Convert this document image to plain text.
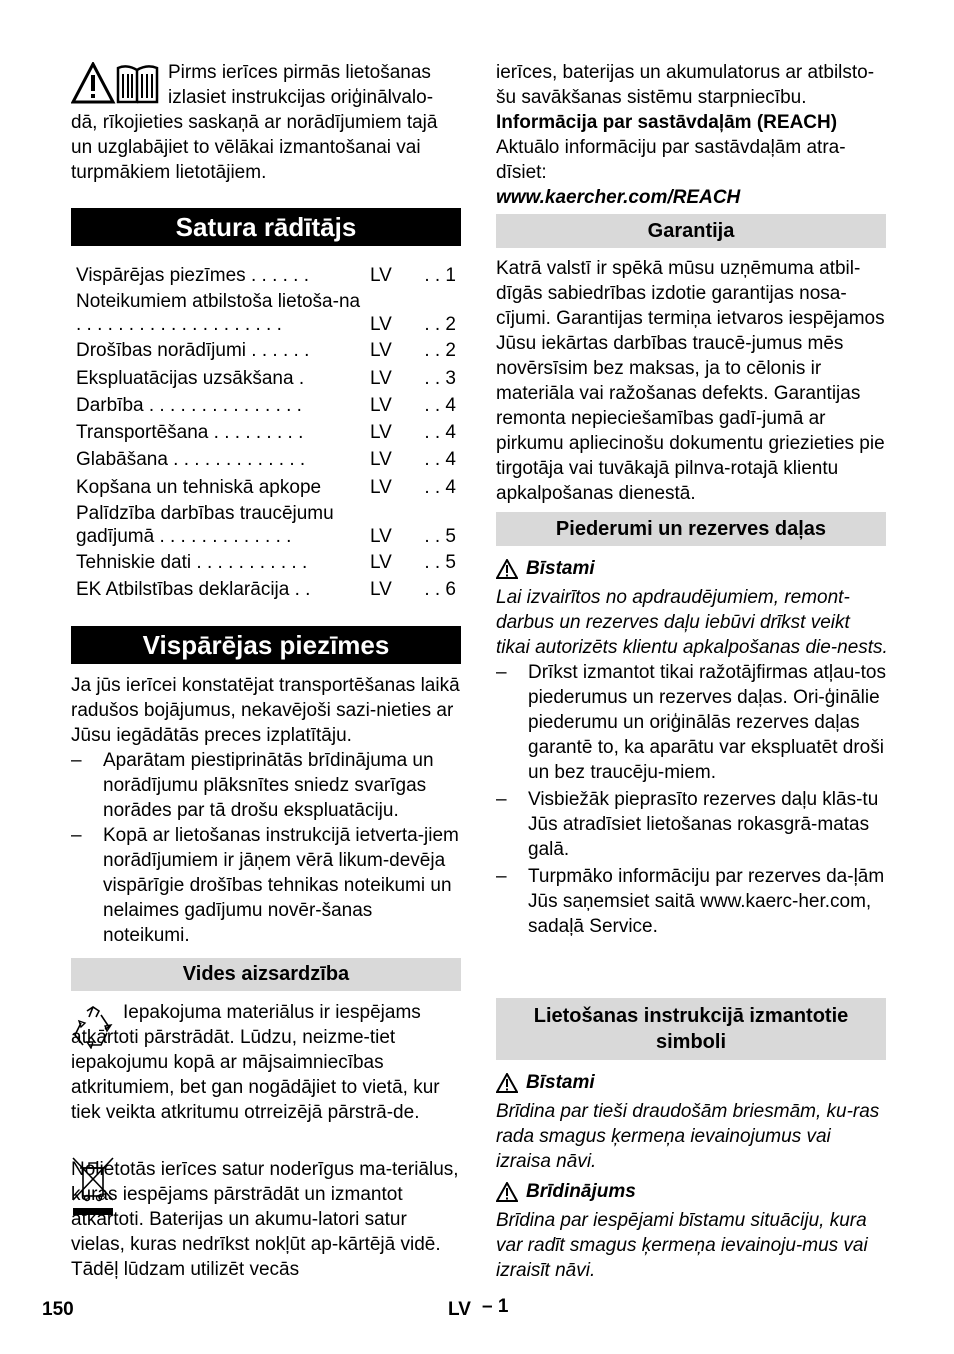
Pirms ierīces pirmās lietošanas

izlasiet instrukcijas oriģinālvalo-

dā, rīkojieties saskaņā ar norādījumiem tajā un uzglabājiet to vēlākai izmantošanai vai turpmākiem lietotājiem.

Satura rādītājs
Vispārējas piezīmes . . . . . .	LV . . 1
Noteikumiem atbilstoša lietoša-na . . . . . . . . . . . . . . . . . . . .	LV . . 2
Drošības norādījumi . . . . . .	LV . . 2
Ekspluatācijas uzsākšana .	LV . . 3
Darbība . . . . . . . . . . . . . . .	LV . . 4
Transportēšana . . . . . . . . .	LV . . 4
Glabāšana . . . . . . . . . . . . .	LV . . 4
Kopšana un tehniskā apkope	LV . . 4
Palīdzība darbības traucējumu gadījumā . . . . . . . . . . . . .	LV . . 5
Tehniskie dati . . . . . . . . . . .	LV . . 5
EK Atbilstības deklarācija . .	LV . . 6
Vispārējas piezīmes

Ja jūs ierīcei konstatējat transportēšanas laikā radušos bojājumus, nekavējoši sazi-nieties ar Jūsu iegādātās preces izplatītāju.

– Aparātam piestiprinātās brīdinājuma un norādījumu plāksnītes sniedz svarīgas norādes par tā drošu ekspluatāciju.

– Kopā ar lietošanas instrukcijā ietverta-jiem norādījumiem ir jāņem vērā likum-devēja vispārīgie drošības tehnikas noteikumi un nelaimes gadījumu novēr-šanas noteikumi.

Vides aizsardzība

Iepakojuma materiālus ir iespējams atkārtoti pārstrādāt. Lūdzu, neizme-tiet iepakojumu kopā ar mājsaimniecības atkritumiem, bet gan nogādājiet to vietā, kur tiek veikta atkritumu otrreizējā pārstrā-de.

Nolietotās ierīces satur noderīgus ma-teriālus, kuras iespējams pārstrādāt un izmantot atkārtoti. Baterijas un akumu-latori satur vielas, kuras nedrīkst nokļūt ap-kārtējā vidē. Tādēļ lūdzam utilizēt vecās

ierīces, baterijas un akumulatorus ar atbilsto-šu savākšanas sistēmu starpniecību.

Informācija par sastāvdaļām (REACH)

Aktuālo informāciju par sastāvdaļām atra-dīsiet:

www.kaercher.com/REACH

Garantija

Katrā valstī ir spēkā mūsu uzņēmuma atbil-dīgās sabiedrības izdotie garantijas nosa-cījumi. Garantijas termiņa ietvaros iespējamos Jūsu iekārtas darbības traucē-jumus mēs novērsīsim bez maksas, ja to cēlonis ir materiāla vai ražošanas defekts. Garantijas remonta nepieciešamības gadī-jumā ar pirkumu apliecinošu dokumentu griezieties pie tirgotāja vai tuvākajā pilnva-rotajā klientu apkalpošanas dienestā.

Piederumi un rezerves daļas
Bīstami

Lai izvairītos no apdraudējumiem, remont-darbus un rezerves daļu iebūvi drīkst veikt tikai autorizēts klientu apkalpošanas die-nests.

– Drīkst izmantot tikai ražotājfirmas atļau-tos piederumus un rezerves daļas. Ori-ģinālie piederumu un oriģinālās rezerves daļas garantē to, ka aparātu var ekspluatēt droši un bez traucēju-miem.

– Visbiežāk pieprasīto rezerves daļu klās-tu Jūs atradīsiet lietošanas rokasgrā-matas galā.

– Turpmāko informāciju par rezerves da-ļām Jūs saņemsiet saitā www.kaerc-her.com, sadaļā Service.

Lietošanas instrukcijā izmantotie
simboli
Bīstami

Brīdina par tieši draudošām briesmām, ku-ras rada smagus ķermeņa ievainojumus vai izraisa nāvi.

Brīdinājums

Brīdina par iespējami bīstamu situāciju, kura var radīt smagus ķermeņa ievainoju-mus vai izraisīt nāvi.

150	LV – 1
